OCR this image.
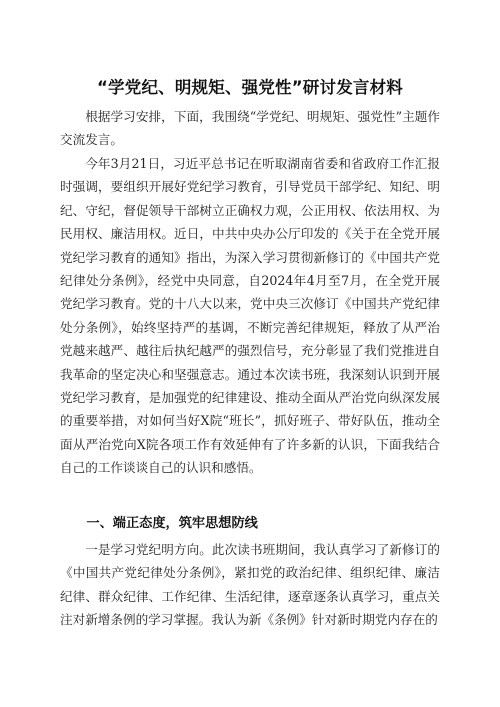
“学党纪、明规矩、强党性”研讨发言材料

根据学习安排，下面，我围绕“学党纪、明规矩、强党性”主题作交流发言。

今年3月21日，习近平总书记在听取湖南省委和省政府工作汇报时强调，要组织开展好党纪学习教育，引导党员干部学纪、知纪、明纪、守纪，督促领导干部树立正确权力观，公正用权、依法用权、为民用权、廉洁用权。近日，中共中央办公厅印发的《关于在全党开展党纪学习教育的通知》指出，为深入学习贯彻新修订的《中国共产党纪律处分条例》，经党中央同意，自2024年4月至7月，在全党开展党纪学习教育。党的十八大以来，党中央三次修订《中国共产党纪律处分条例》，始终坚持严的基调，不断完善纪律规矩，释放了从严治党越来越严、越往后执纪越严的强烈信号，充分彰显了我们党推进自我革命的坚定决心和坚强意志。通过本次读书班，我深刻认识到开展党纪学习教育，是加强党的纪律建设、推动全面从严治党向纵深发展的重要举措，对如何当好X院“班长”，抓好班子、带好队伍，推动全面从严治党向X院各项工作有效延伸有了许多新的认识，下面我结合自己的工作谈谈自己的认识和感悟。

一、端正态度，筑牢思想防线

一是学习党纪明方向。此次读书班期间，我认真学习了新修订的《中国共产党纪律处分条例》，紧扣党的政治纪律、组织纪律、廉洁纪律、群众纪律、工作纪律、生活纪律，逐章逐条认真学习，重点关注对新增条例的学习掌握。我认为新《条例》针对新时期党内存在的
